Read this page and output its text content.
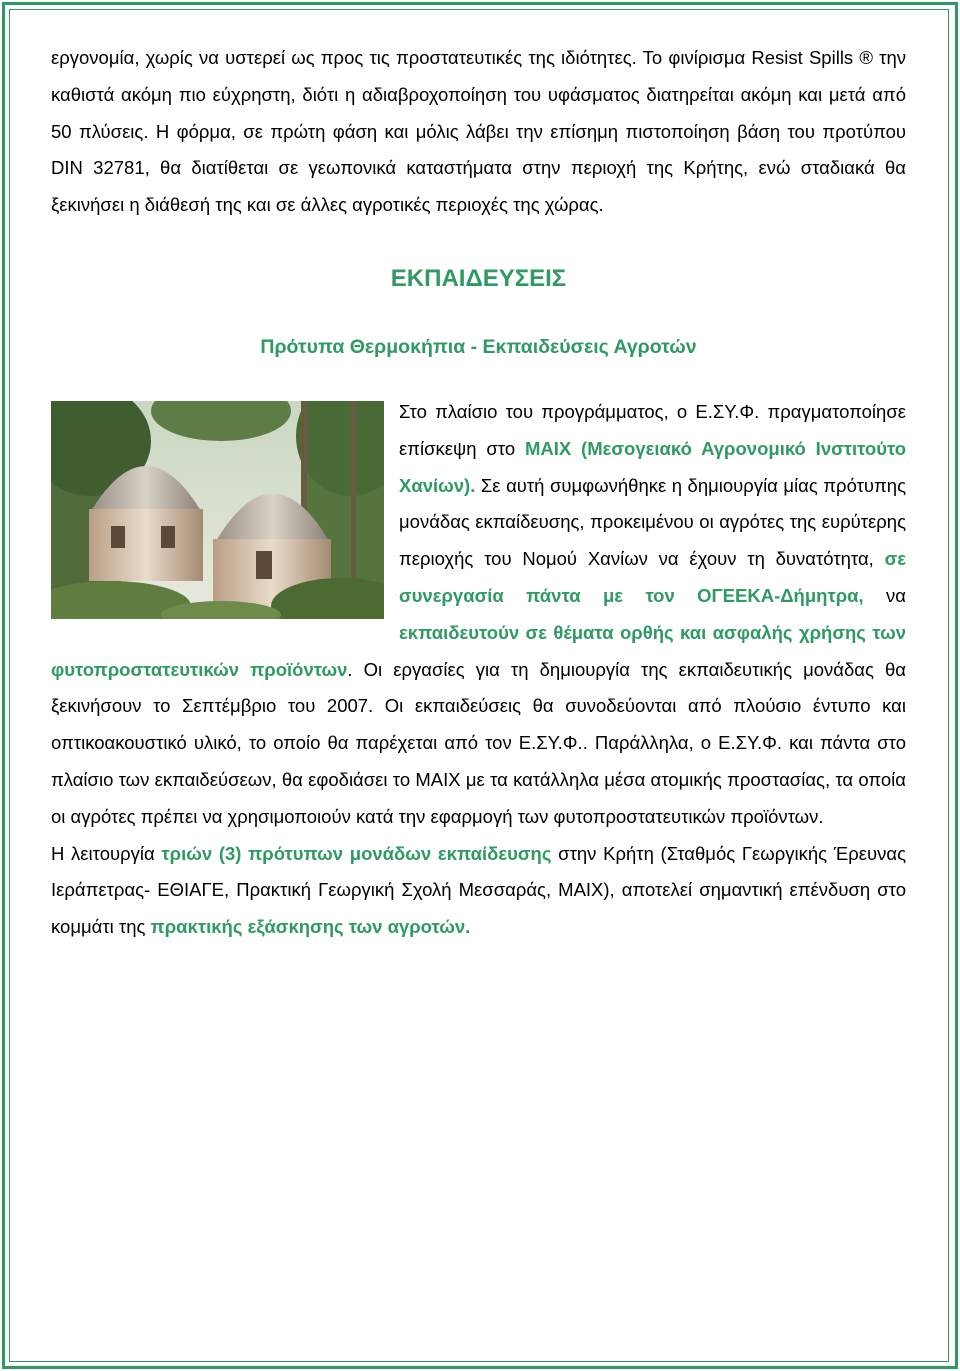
εργονομία, χωρίς να υστερεί ως προς τις προστατευτικές της ιδιότητες. Το φινίρισμα Resist Spills ® την καθιστά ακόμη πιο εύχρηστη, διότι η αδιαβροχοποίηση του υφάσματος διατηρείται ακόμη και μετά από 50 πλύσεις. Η φόρμα, σε πρώτη φάση και μόλις λάβει την επίσημη πιστοποίηση βάση του προτύπου DIN 32781, θα διατίθεται σε γεωπονικά καταστήματα στην περιοχή της Κρήτης, ενώ σταδιακά θα ξεκινήσει η διάθεσή της και σε άλλες αγροτικές περιοχές της χώρας.

ΕΚΠΑΙΔΕΥΣΕΙΣ
Πρότυπα Θερμοκήπια - Εκπαιδεύσεις Αγροτών

Στο πλαίσιο του προγράμματος, ο Ε.ΣΥ.Φ. πραγματοποίησε επίσκεψη στο ΜΑΙΧ (Μεσογειακό Αγρονομικό Ινστιτούτο Χανίων). Σε αυτή συμφωνήθηκε η δημιουργία μίας πρότυπης μονάδας εκπαίδευσης, προκειμένου οι αγρότες της ευρύτερης περιοχής του Νομού Χανίων να έχουν τη δυνατότητα, σε συνεργασία πάντα με τον ΟΓΕΕΚΑ-Δήμητρα, να εκπαιδευτούν σε θέματα ορθής και ασφαλής χρήσης των φυτοπροστατευτικών προϊόντων. Οι εργασίες για τη δημιουργία της εκπαιδευτικής μονάδας θα ξεκινήσουν το Σεπτέμβριο του 2007. Οι εκπαιδεύσεις θα συνοδεύονται από πλούσιο έντυπο και οπτικοακουστικό υλικό, το οποίο θα παρέχεται από τον Ε.ΣΥ.Φ.. Παράλληλα, ο Ε.ΣΥ.Φ. και πάντα στο πλαίσιο των εκπαιδεύσεων, θα εφοδιάσει το ΜΑΙΧ με τα κατάλληλα μέσα ατομικής προστασίας, τα οποία οι αγρότες πρέπει να χρησιμοποιούν κατά την εφαρμογή των φυτοπροστατευτικών προϊόντων.

Η λειτουργία τριών (3) πρότυπων μονάδων εκπαίδευσης στην Κρήτη (Σταθμός Γεωργικής Έρευνας Ιεράπετρας- ΕΘΙΑΓΕ, Πρακτική Γεωργική Σχολή Μεσσαράς, ΜΑΙΧ), αποτελεί σημαντική επένδυση στο κομμάτι της πρακτικής εξάσκησης των αγροτών.
